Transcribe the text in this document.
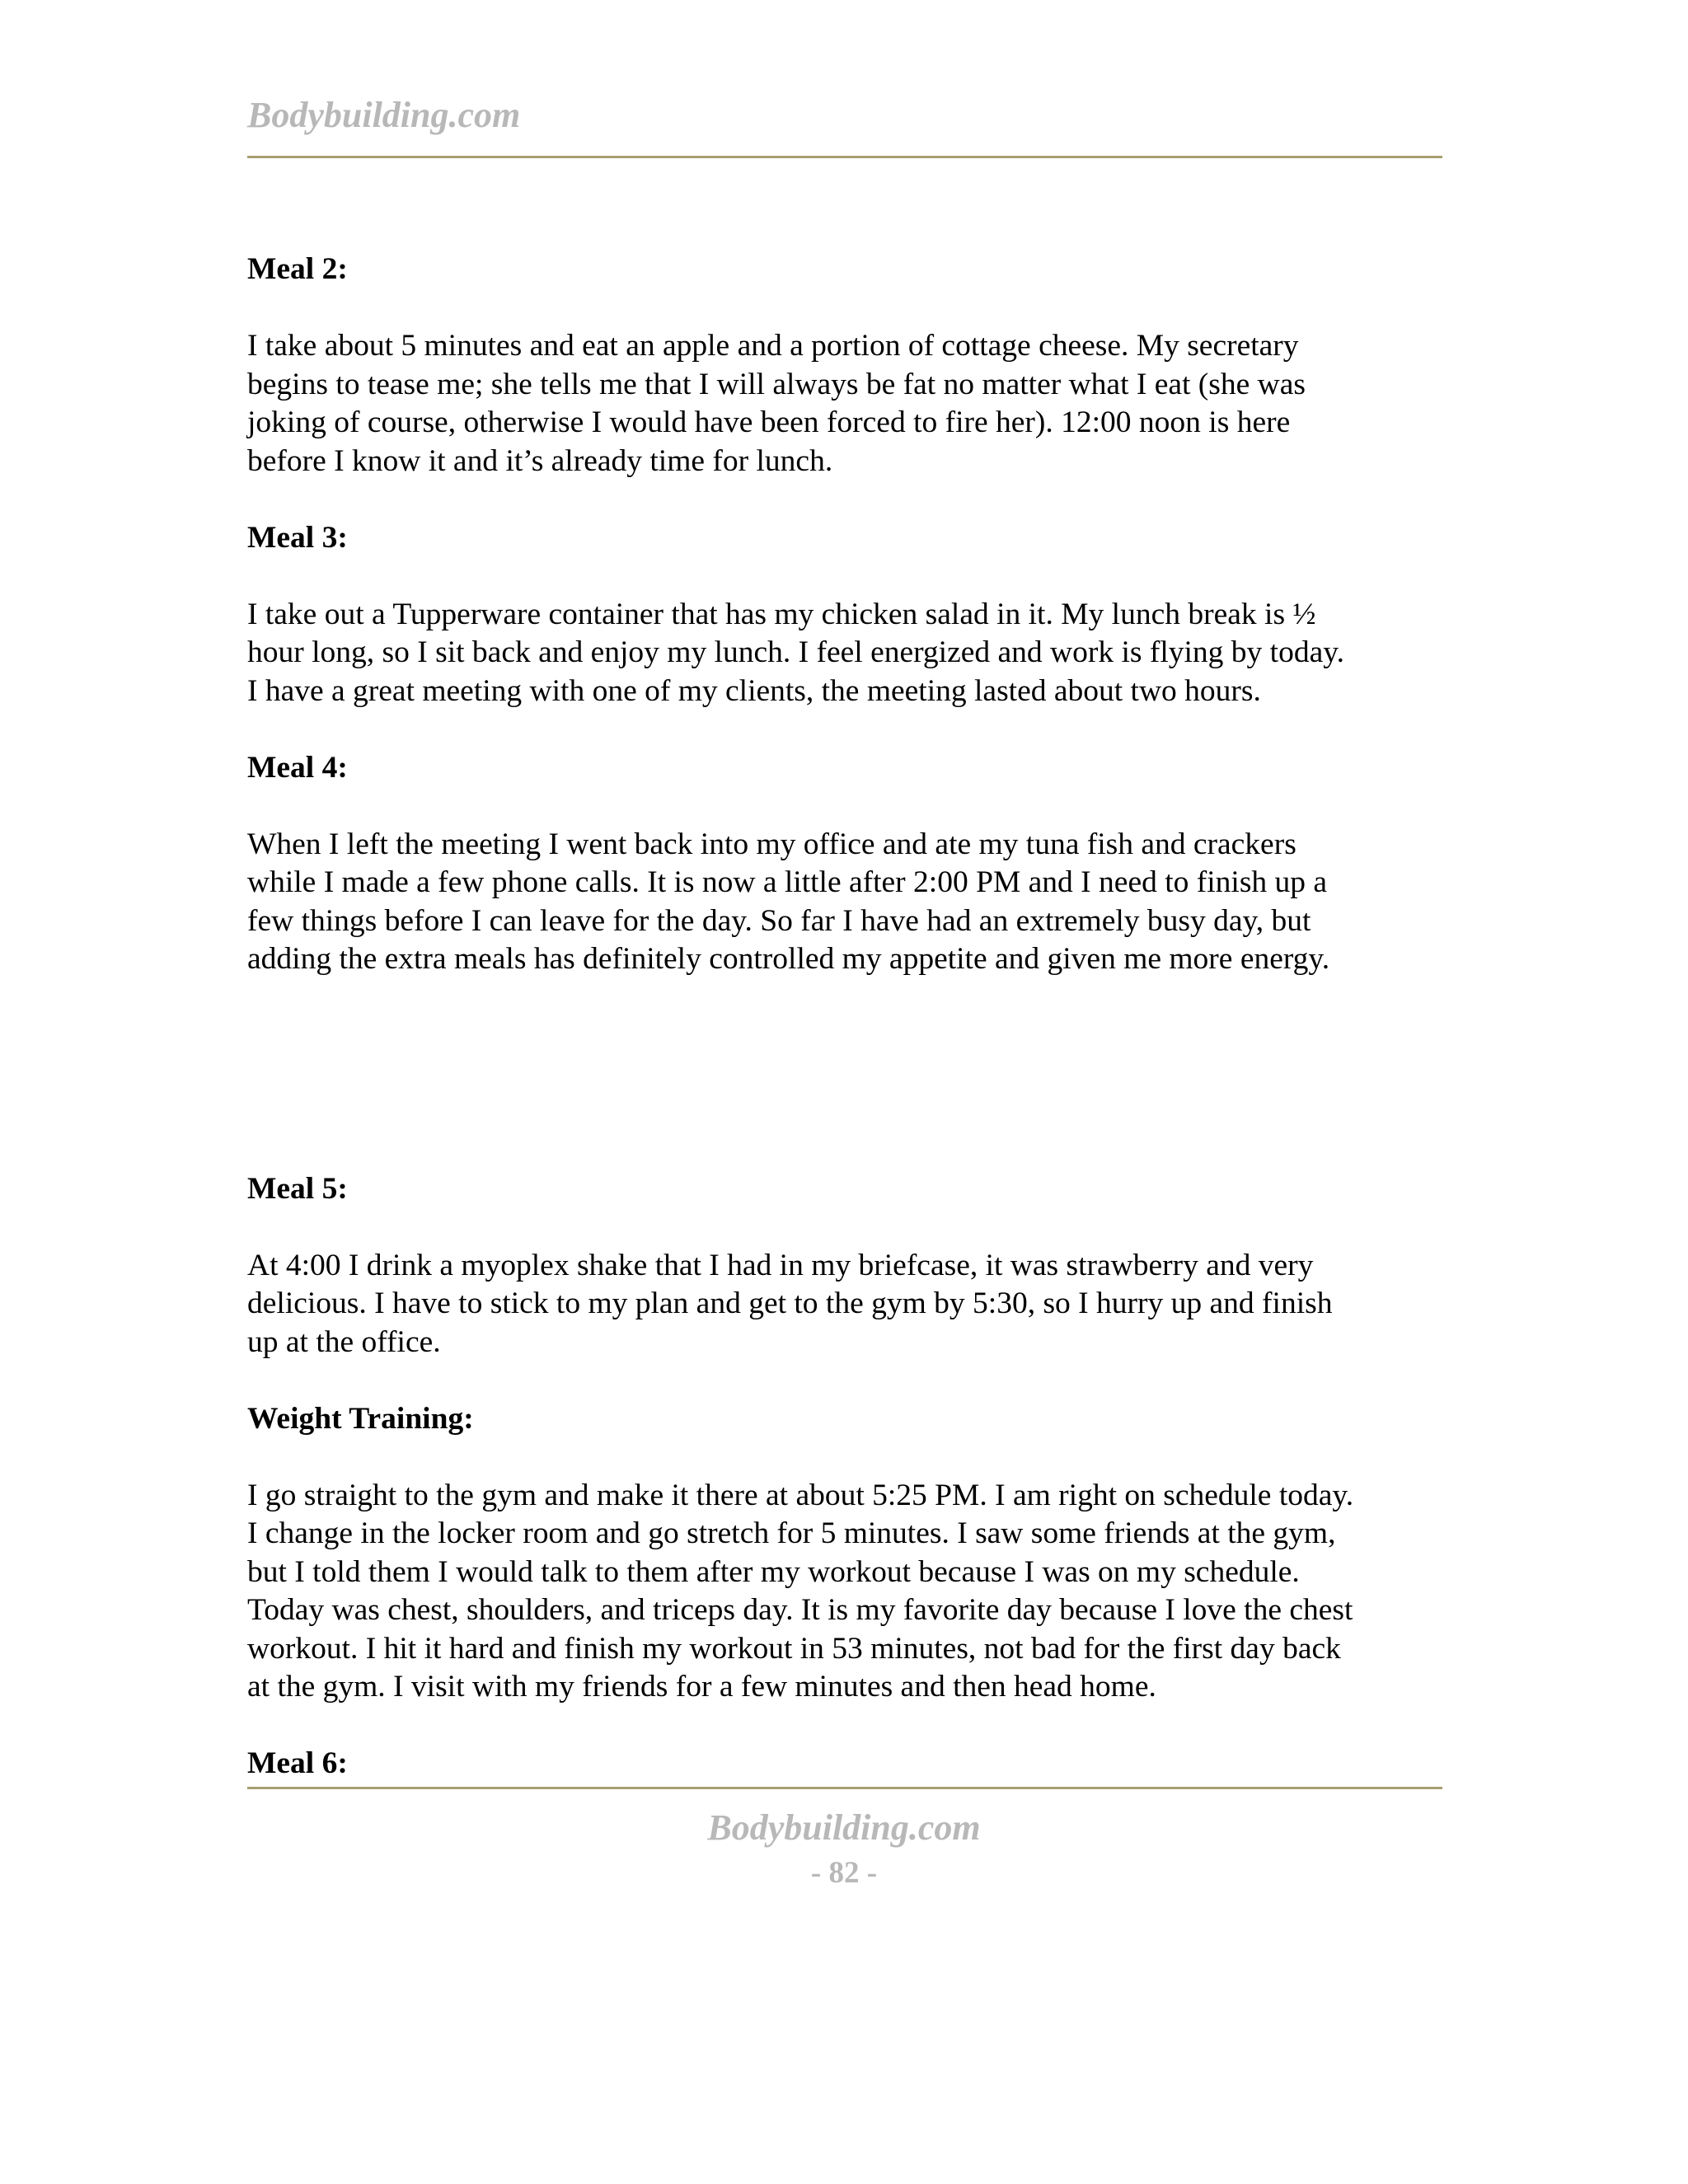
Bodybuilding.com

Meal 2:

I take about 5 minutes and eat an apple and a portion of cottage cheese. My secretary

begins to tease me; she tells me that I will always be fat no matter what I eat (she was

joking of course, otherwise I would have been forced to fire her). 12:00 noon is here

before I know it and it’s already time for lunch.

Meal 3:

I take out a Tupperware container that has my chicken salad in it. My lunch break is ½

hour long, so I sit back and enjoy my lunch. I feel energized and work is flying by today.

I have a great meeting with one of my clients, the meeting lasted about two hours.

Meal 4:

When I left the meeting I went back into my office and ate my tuna fish and crackers

while I made a few phone calls. It is now a little after 2:00 PM and I need to finish up a

few things before I can leave for the day. So far I have had an extremely busy day, but

adding the extra meals has definitely controlled my appetite and given me more energy.

Meal 5:

At 4:00 I drink a myoplex shake that I had in my briefcase, it was strawberry and very

delicious. I have to stick to my plan and get to the gym by 5:30, so I hurry up and finish

up at the office.

Weight Training:

I go straight to the gym and make it there at about 5:25 PM. I am right on schedule today.

I change in the locker room and go stretch for 5 minutes. I saw some friends at the gym,

but I told them I would talk to them after my workout because I was on my schedule.

Today was chest, shoulders, and triceps day. It is my favorite day because I love the chest

workout. I hit it hard and finish my workout in 53 minutes, not bad for the first day back

at the gym. I visit with my friends for a few minutes and then head home.

Meal 6:

Bodybuilding.com
- 82 -
